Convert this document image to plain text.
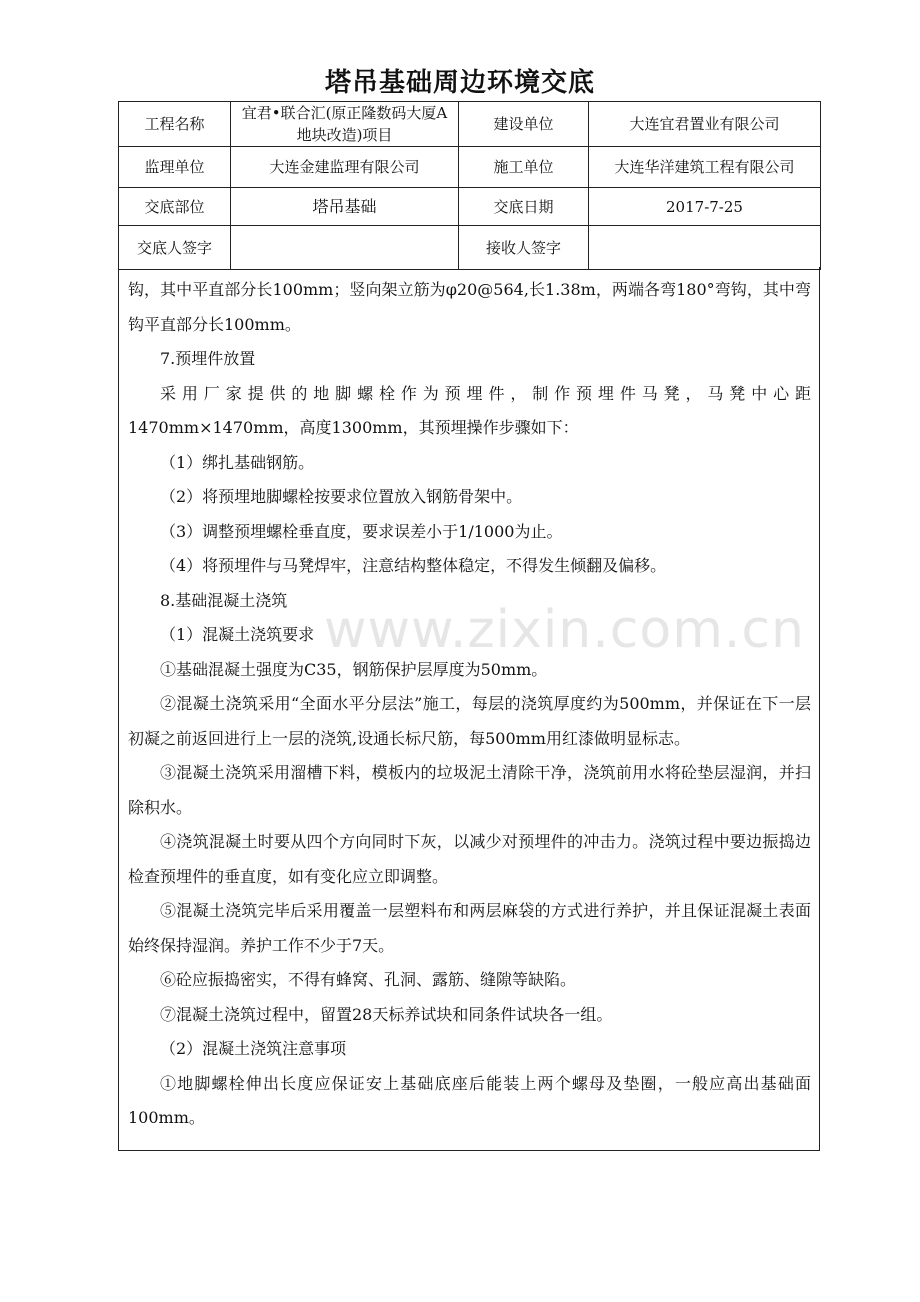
塔吊基础周边环境交底
工程名称	宜君•联合汇(原正隆数码大厦A地块改造)项目	建设单位	大连宜君置业有限公司
监理单位	大连金建监理有限公司	施工单位	大连华洋建筑工程有限公司
交底部位	塔吊基础	交底日期	2017-7-25
交底人签字		接收人签字	

钩，其中平直部分长100mm；竖向架立筋为φ20@564,长1.38m，两端各弯180°弯钩，其中弯钩平直部分长100mm。

7.预埋件放置

采用厂家提供的地脚螺栓作为预埋件，制作预埋件马凳，马凳中心距1470mm×1470mm，高度1300mm，其预埋操作步骤如下：

（1）绑扎基础钢筋。

（2）将预埋地脚螺栓按要求位置放入钢筋骨架中。

（3）调整预埋螺栓垂直度，要求误差小于1/1000为止。

（4）将预埋件与马凳焊牢，注意结构整体稳定，不得发生倾翻及偏移。

8.基础混凝土浇筑

（1）混凝土浇筑要求

①基础混凝土强度为C35，钢筋保护层厚度为50mm。

②混凝土浇筑采用“全面水平分层法”施工，每层的浇筑厚度约为500mm，并保证在下一层初凝之前返回进行上一层的浇筑,设通长标尺筋，每500mm用红漆做明显标志。

③混凝土浇筑采用溜槽下料，模板内的垃圾泥土清除干净，浇筑前用水将砼垫层湿润，并扫除积水。

④浇筑混凝土时要从四个方向同时下灰，以减少对预埋件的冲击力。浇筑过程中要边振捣边检查预埋件的垂直度，如有变化应立即调整。

⑤混凝土浇筑完毕后采用覆盖一层塑料布和两层麻袋的方式进行养护，并且保证混凝土表面始终保持湿润。养护工作不少于7天。

⑥砼应振捣密实，不得有蜂窝、孔洞、露筋、缝隙等缺陷。

⑦混凝土浇筑过程中，留置28天标养试块和同条件试块各一组。

（2）混凝土浇筑注意事项

①地脚螺栓伸出长度应保证安上基础底座后能装上两个螺母及垫圈，一般应高出基础面100mm。

www.zixin.com.cn
